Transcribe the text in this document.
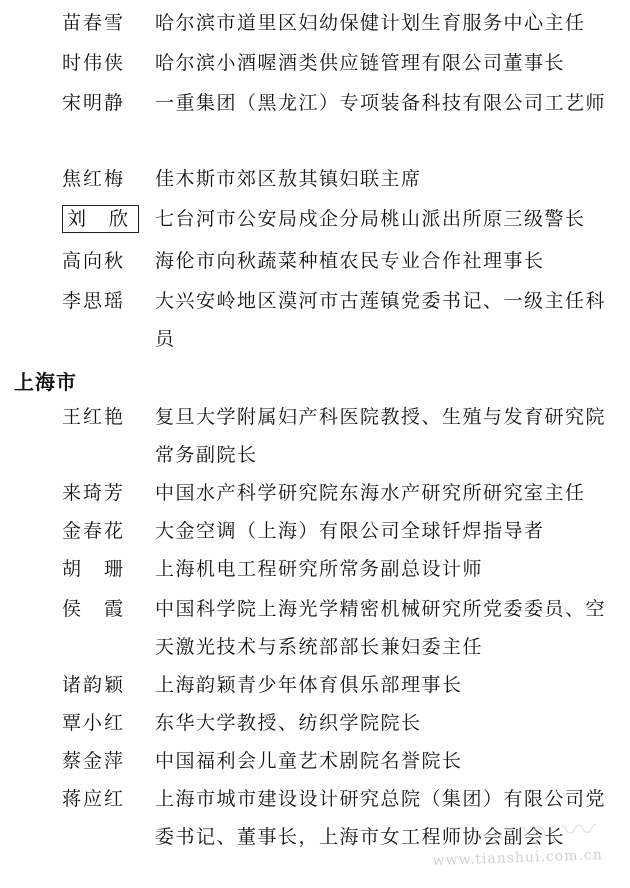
苗春雪	哈尔滨市道里区妇幼保健计划生育服务中心主任
时伟侠	哈尔滨小酒喔酒类供应链管理有限公司董事长
宋明静	一重集团（黑龙江）专项装备科技有限公司工艺师
焦红梅	佳木斯市郊区敖其镇妇联主席
刘　欣 七台河市公安局戍企分局桃山派出所原三级警长
高向秋	海伦市向秋蔬菜种植农民专业合作社理事长
李思瑶	大兴安岭地区漠河市古莲镇党委书记、一级主任科员
上海市
王红艳	复旦大学附属妇产科医院教授、生殖与发育研究院常务副院长
来琦芳	中国水产科学研究院东海水产研究所研究室主任
金春花	大金空调（上海）有限公司全球钎焊指导者
胡　珊	上海机电工程研究所常务副总设计师
侯　霞	中国科学院上海光学精密机械研究所党委委员、空天激光技术与系统部部长兼妇委主任
诸韵颖	上海韵颖青少年体育俱乐部理事长
覃小红	东华大学教授、纺织学院院长
蔡金萍	中国福利会儿童艺术剧院名誉院长
蒋应红	上海市城市建设设计研究总院（集团）有限公司党委书记、董事长，上海市女工程师协会副会长
〰〰
www.tianshui.com.cn
